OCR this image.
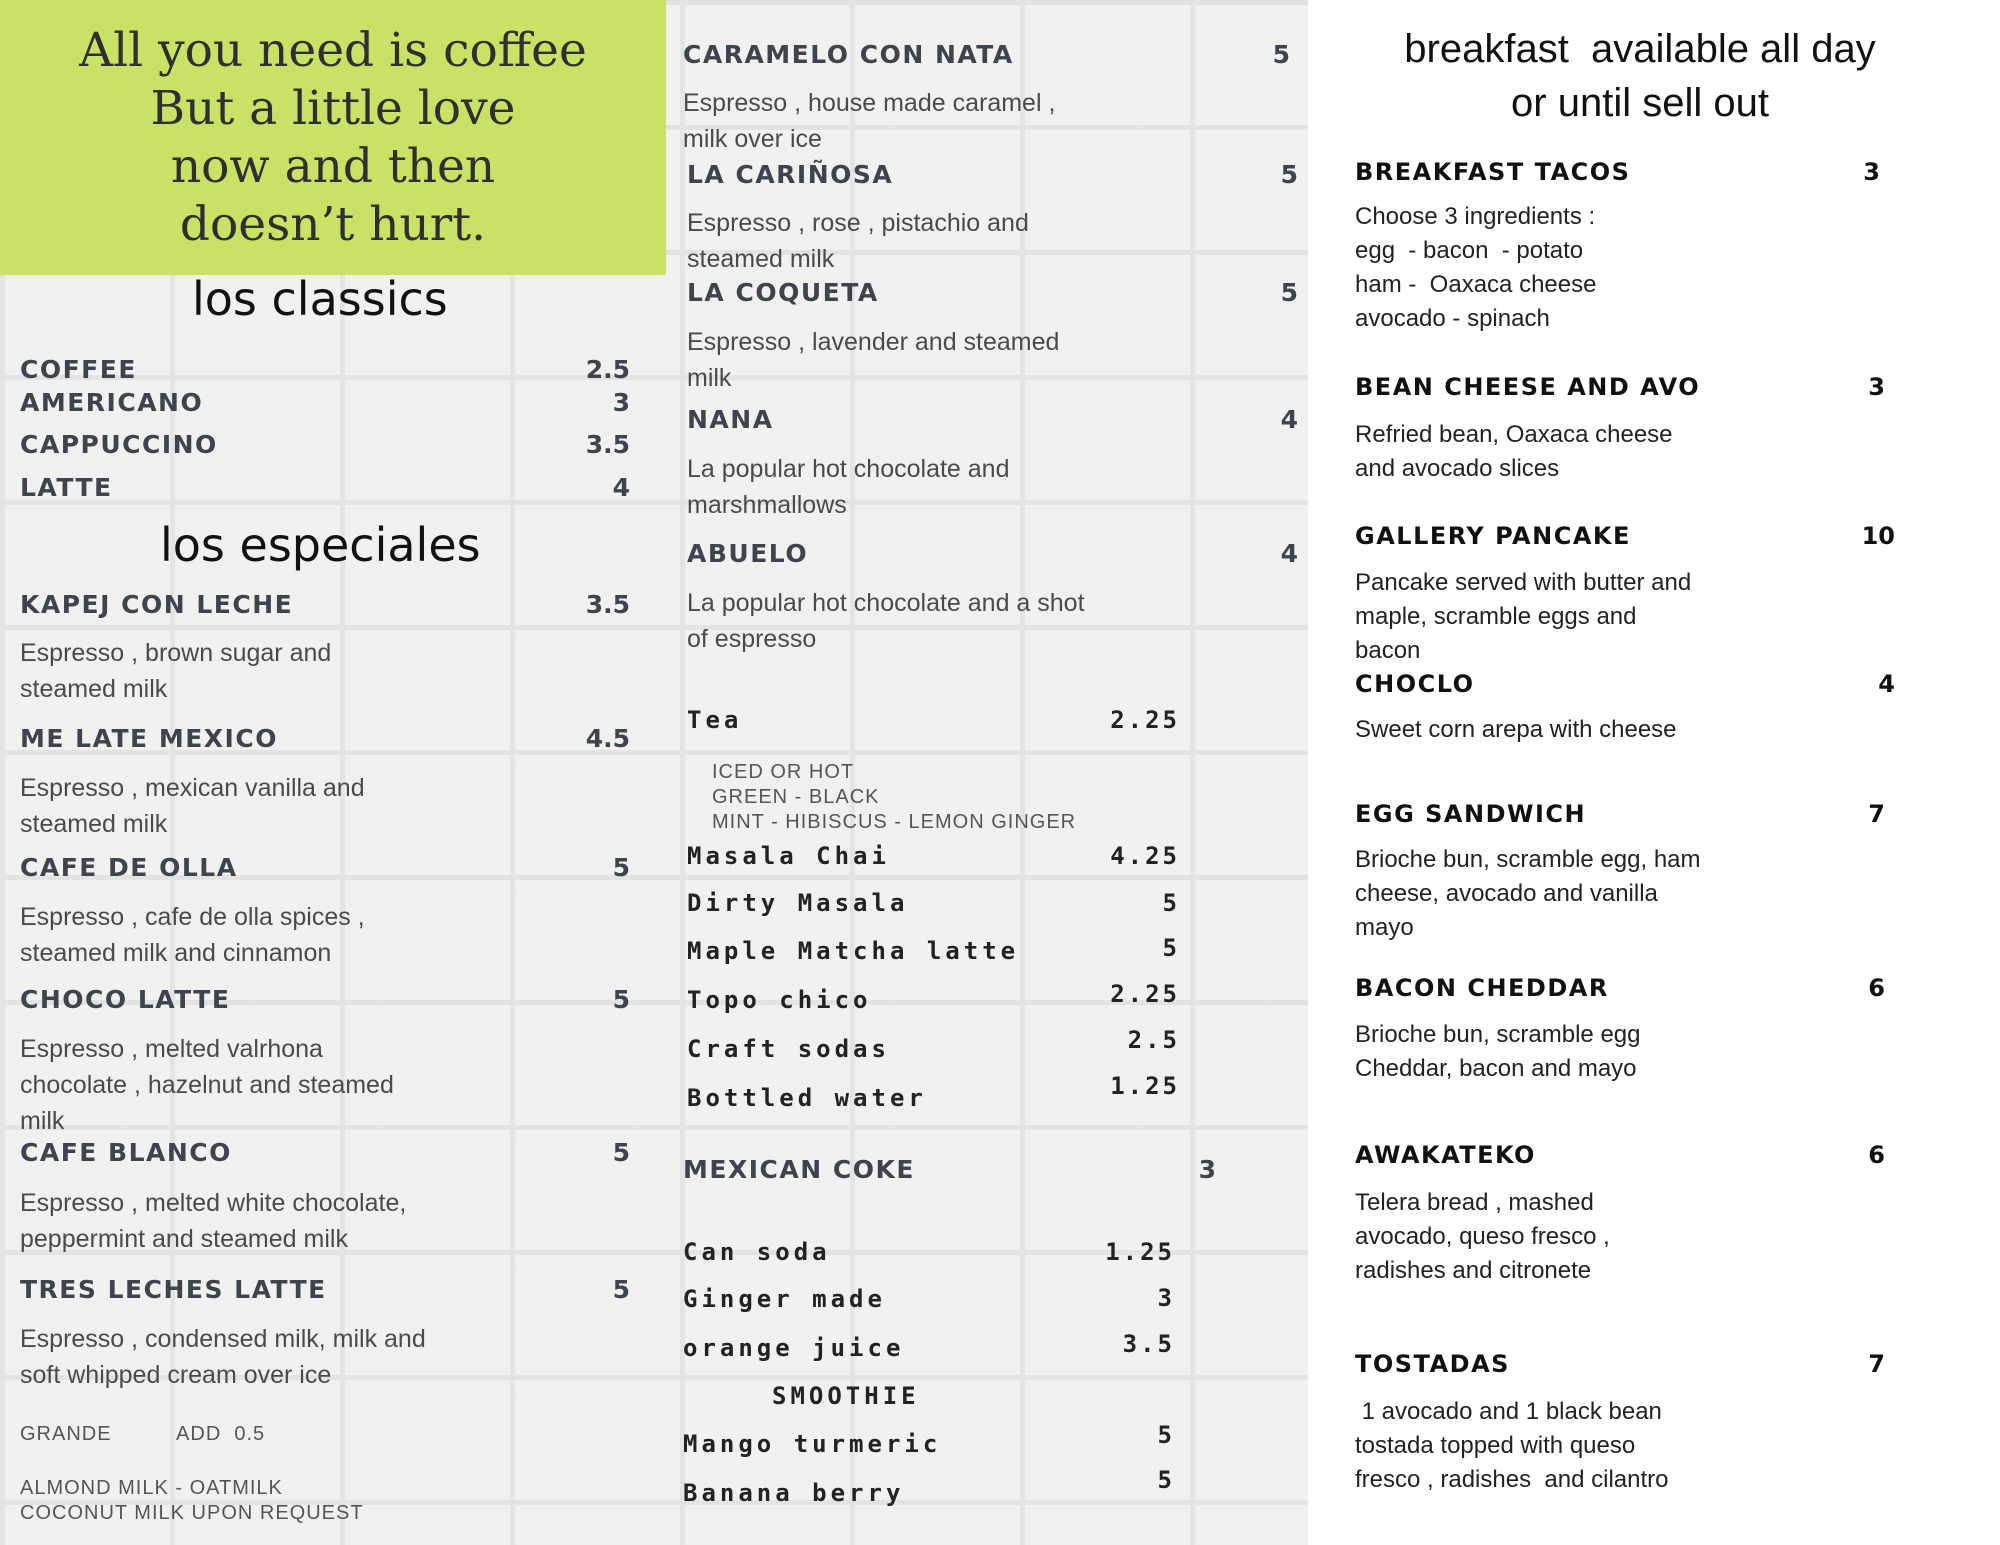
All you need is coffee
But a little love
now and then
doesn’t hurt.
los classics
COFFEE	2.5
AMERICANO	3
CAPPUCCINO	3.5
LATTE	4
los especiales
KAPEJ CON LECHE	3.5
Espresso , brown sugar and steamed milk
ME LATE MEXICO	4.5
Espresso , mexican vanilla and steamed milk
CAFE DE OLLA	5
Espresso , cafe de olla spices , steamed milk and cinnamon
CHOCO LATTE	5
Espresso , melted valrhona chocolate , hazelnut and steamed milk
CAFE BLANCO	5
Espresso , melted white chocolate, peppermint and steamed milk
TRES LECHES LATTE	5
Espresso , condensed milk, milk and soft whipped cream over ice
GRANDE          ADD  0.5
ALMOND MILK - OATMILK
COCONUT MILK UPON REQUEST
CARAMELO CON NATA	5
Espresso , house made caramel , milk over ice
LA CARIÑOSA	5
Espresso , rose , pistachio and steamed milk
LA COQUETA	5
Espresso , lavender and steamed milk
NANA	4
La popular hot chocolate and marshmallows
ABUELO	4
La popular hot chocolate and a shot of espresso
Tea	2.25
ICED OR HOT
GREEN - BLACK
MINT - HIBISCUS - LEMON GINGER
Masala Chai	4.25
Dirty Masala	5
Maple Matcha latte	5
Topo chico	2.25
Craft sodas	2.5
Bottled water	1.25
MEXICAN COKE	3
Can soda	1.25
Ginger made	3
orange juice	3.5
SMOOTHIE
Mango turmeric	5
Banana berry	5
breakfast  available all day
or until sell out
BREAKFAST TACOS	3
Choose 3 ingredients :
egg  - bacon  - potato
ham -  Oaxaca cheese
avocado - spinach
BEAN CHEESE AND AVO	3
Refried bean, Oaxaca cheese
and avocado slices
GALLERY PANCAKE	10
Pancake served with butter and
maple, scramble eggs and
bacon
CHOCLO	4
Sweet corn arepa with cheese
EGG SANDWICH	7
Brioche bun, scramble egg, ham
cheese, avocado and vanilla
mayo
BACON CHEDDAR	6
Brioche bun, scramble egg
Cheddar, bacon and mayo
AWAKATEKO	6
Telera bread , mashed
avocado, queso fresco ,
radishes and citronete
TOSTADAS	7
1 avocado and 1 black bean
tostada topped with queso
fresco , radishes  and cilantro
